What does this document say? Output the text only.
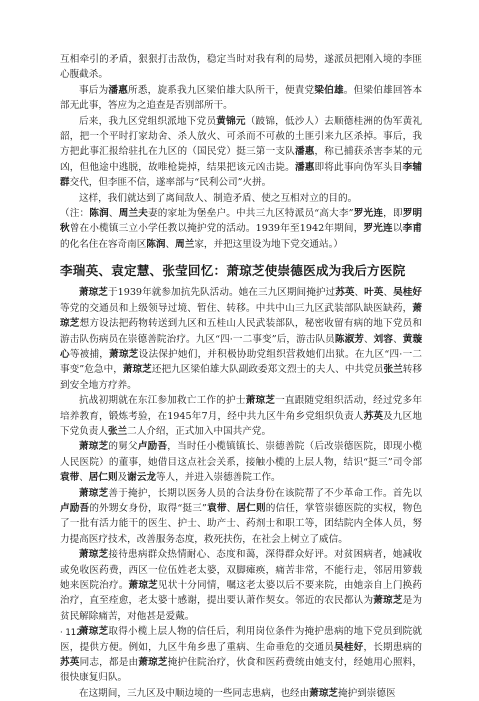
互相牵引的矛盾，狠狠打击敌伪，稳定当时对我有利的局势，遂派员把刚入境的李匪心腹截杀。

事后为潘惠所悉，旋系我九区梁伯雄大队所干，便責党梁伯雄。但梁伯雄回答本部无此事，答应为之追查是否别部所干。

后来，我九区党组织派地下党员黄锦元（跛锦，低沙人）去顺德桂洲的伪军黄礼韶，把一个平时打家劫舍、杀人放火、可杀而不可赦的土匪引来九区杀掉。事后，我方把此事汇报给驻扎在九区的（国民党）挺三第一支队潘惠，称已捕获杀害李某的元凶，但他途中逃脱，故唯枪毙掉，结果把该元凶击毙。潘惠即将此事向伪军头目李辅群交代，但李匪不信，遂率部与“民利公司”火拼。

这样，我们就达到了离间敌人、制造矛盾、使之互相对立的目的。

（注：陈润、周兰夫妻的家址为堡垒户。中共三九区特派员“高大李”罗光连，即罗明秋曾在小榄镇三立小学任教以掩护党的活动。1939年至1942年期间，罗光连以李甫的化名住在容奇南区陈润、周兰家，并把这里设为地下党交通站。）

李瑞英、袁定慧、张莹回忆：萧琼芝使崇德医成为我后方医院

萧琼芝于1939年就参加抗先队活动。她在三九区期间掩护过苏英、叶英、吴桂好等党的交通员和上级领导过境、暂住、转移。中共中山三九区武装部队缺医缺药，萧琼芝想方设法把药物转送到九区和五桂山人民武装部队，秘密收留有病的地下党员和游击队伤病员在崇德善院治疗。九区“四·一二事变”后，游击队员陈淑芳、刘容、黄璇心等被捕，萧琼芝设法保护她们，并积极协助党组织营救她们出狱。在九区“四·一二事变”危急中，萧琼芝还把九区梁伯雄大队副政委郑文烈士的夫人、中共党员张兰转移到安全地方疗养。

抗战初期就在东江参加救亡工作的护士萧琼芝一直跟随党组织活动，经过党多年培养教育，锻炼考验，在1945年7月，经中共九区牛角乡党组织负责人苏英及九区地下党负责人张兰二人介绍，正式加入中国共产党。

萧琼芝的舅父卢励吾，当时任小榄镇镇长、崇德善院（后改崇德医院，即现小榄人民医院）的董事，她借目这点社会关系，接触小榄的上层人物，结识“挺三”司令部袁带、居仁则及谢云龙等人，并进入崇德善院工作。

萧琼芝善于掩护，长期以医务人员的合法身份在该院帮了不少革命工作。首先以卢励吾的外甥女身份，取得“挺三”袁带、居仁则的信任，掌管崇德医院的实权，物色了一批有活力能干的医生、护士、助产士、药剂士和职工等，团结院内全体人员，努力提高医疗技术，改善服务态度，救死扶伤，在社会上树立了威信。

萧琼芝接待患病群众热情耐心、态度和蔼，深得群众好评。对贫困病者，她减收或免收医药费，西区一位伍姓老太婆，双脚瘫痪，痛苦非常，不能行走，邻居用箩载她来医院治疗。萧琼芝见状十分同情，嘱这老太婆以后不要来院，由她亲自上门换药治疗，直至痊愈，老太婆十感谢，提出要认萧作契女。邻近的农民都认为萧琼芝是为贫民解除痛苦，对他甚是爱戴。

萧琼芝取得小榄上层人物的信任后，利用岗位条件为掩护患病的地下党员到院就医，提供方便。例如，九区牛角乡患了重病、生命垂危的交通员吴桂好，长期患病的苏英同志，都是由萧琼芝掩护住院治疗，伙食和医药费统由她支付，经她用心照料，很快康复归队。

在这期间，三九区及中顺边境的一些同志患病，也经由萧琼芝掩护到崇德医

· 112 ·
